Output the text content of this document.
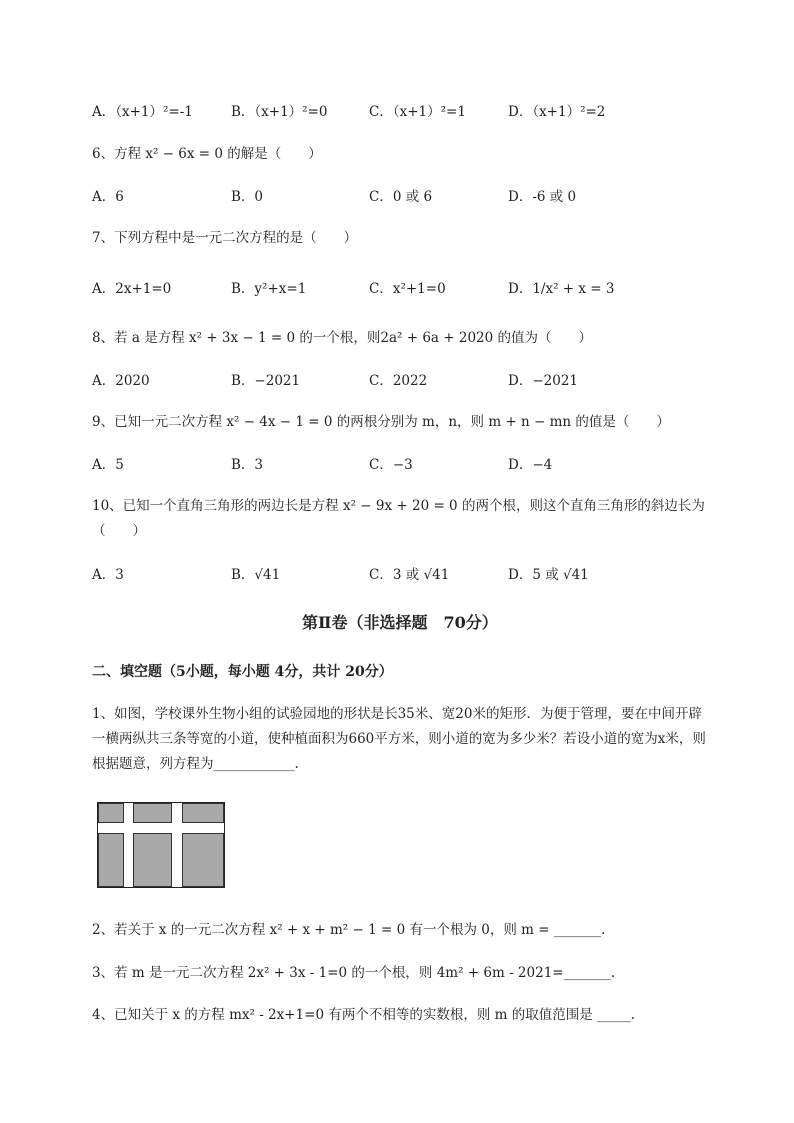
A．（x+1）²=-1	B．（x+1）²=0	C．（x+1）²=1	D．（x+1）²=2
6、方程 x² − 6x = 0 的解是（　　）
A．6	B．0	C．0 或 6	D．-6 或 0
7、下列方程中是一元二次方程的是（　　）
A．2x+1=0	B．y²+x=1	C．x²+1=0	D．1/x² + x = 3
8、若 a 是方程 x² + 3x − 1 = 0 的一个根，则2a² + 6a + 2020 的值为（　　）
A．2020	B．−2021	C．2022	D．−2021
9、已知一元二次方程 x² − 4x − 1 = 0 的两根分别为 m，n，则 m + n − mn 的值是（　　）
A．5	B．3	C．−3	D．−4
10、已知一个直角三角形的两边长是方程 x² − 9x + 20 = 0 的两个根，则这个直角三角形的斜边长为
（　　）
A．3	B．√41	C．3 或 √41	D．5 或 √41
第Ⅱ卷（非选择题　70分）
二、填空题（5小题，每小题 4分，共计 20分）
1、如图，学校课外生物小组的试验园地的形状是长35米、宽20米的矩形．为便于管理，要在中间开辟一横两纵共三条等宽的小道，使种植面积为660平方米，则小道的宽为多少米？若设小道的宽为x米，则根据题意，列方程为____________.
2、若关于 x 的一元二次方程 x² + x + m² − 1 = 0 有一个根为 0，则 m = _______.
3、若 m 是一元二次方程 2x² + 3x - 1=0 的一个根，则 4m² + 6m - 2021=_______.
4、已知关于 x 的方程 mx² - 2x+1=0 有两个不相等的实数根，则 m 的取值范围是 _____.
